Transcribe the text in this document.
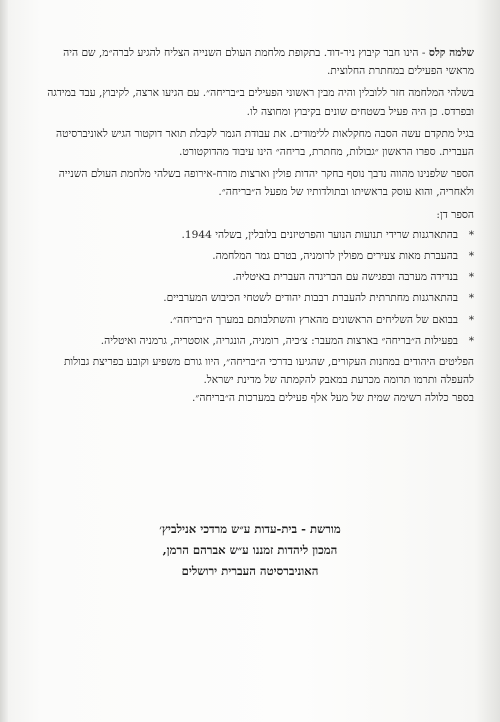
שלמה קלס - הינו חבר קיבוץ ניר-דוד. בתקופת מלחמת העולם השנייה הצליח להגיע לברה״מ, שם היה מראשי הפעילים במחתרת החלוצית.

בשלהי המלחמה חזר ללובלין והיה מבין ראשוני הפעילים ב״בריחה״. עם הגיעו ארצה, לקיבוץ, עבד במידגה ובפרדס. כן היה פעיל בשטחים שונים בקיבוץ ומחוצה לו.

בגיל מתקדם עשה הסבה מחקלאות ללימודים. את עבודת הגמר לקבלת תואר דוקטור הגיש לאוניברסיטה העברית. ספרו הראשון ״גבולות, מחתרת, בריחה״ הינו עיבוד מהדוקטורט.

הספר שלפנינו מהווה נדבך נוסף בחקר יהדות פולין וארצות מזרח-אירופה בשלהי מלחמת העולם השנייה ולאחריה, והוא עוסק בראשיתו ובתולדותיו של מפעל ה״בריחה״.

הספר דן:

*
בהתארגנות שרידי תנועות הנוער והפרטיזנים בלובלין, בשלהי 1944.
*
בהעברת מאות צעירים מפולין לרומניה, בטרם גמר המלחמה.
*
בנדידה מערבה ובפגישה עם הבריגדה העברית באיטליה.
*
בהתארגנות מחתרתית להעברת רבבות יהודים לשטחי הכיבוש המערביים.
*
בבואם של השליחים הראשונים מהארץ והשתלבותם במערך ה״בריחה״.
*
בפעילות ה״בריחה״ בארצות המעבר: צ׳כיה, רומניה, הונגריה, אוסטריה, גרמניה ואיטליה.

הפליטים היהודים במחנות העקורים, שהגיעו בדרכי ה״בריחה״, היוו גורם משפיע וקובע בפריצת גבולות להעפלה ותרמו תרומה מכרעת במאבק להקמתה של מדינת ישראל.

בספר כלולה רשימה שמית של מעל אלף פעילים במערכות ה״בריחה״.

מורשת - בית-עדות ע״ש מרדכי אנילביץ׳
המכון ליהדות זמננו ע״ש אברהם הרמן,
האוניברסיטה העברית ירושלים
